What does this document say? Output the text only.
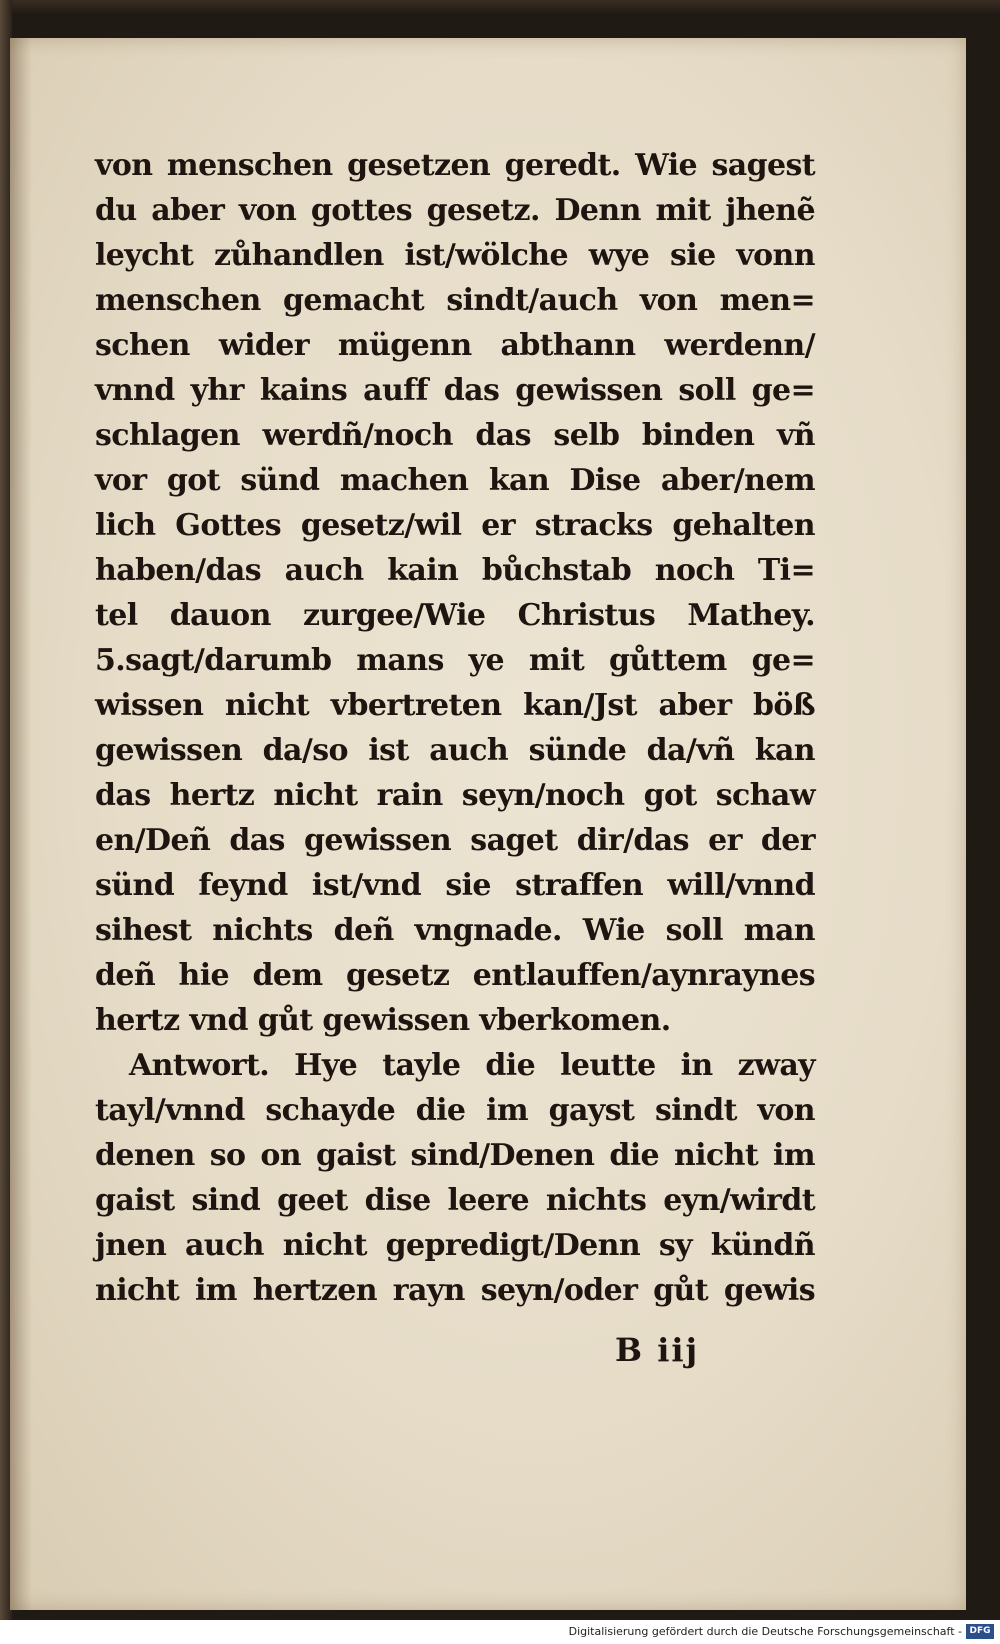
von menschen gesetzen geredt. Wie sagest
du aber von gottes gesetz. Denn mit jhenẽ
leycht zůhandlen ist/wölche wye sie vonn
menschen gemacht sindt/auch von men=
schen wider mügenn abthann werdenn/
vnnd yhr kains auff das gewissen soll ge=
schlagen werdñ/noch das selb binden vñ
vor got sünd machen kan Dise aber/nem
lich Gottes gesetz/wil er stracks gehalten
haben/das auch kain bůchstab noch Ti=
tel dauon zurgee/Wie Christus Mathey.
5.sagt/darumb mans ye mit gůttem ge=
wissen nicht vbertreten kan/Jst aber böß
gewissen da/so ist auch sünde da/vñ kan
das hertz nicht rain seyn/noch got schaw
en/Deñ das gewissen saget dir/das er der
sünd feynd ist/vnd sie straffen will/vnnd
sihest nichts deñ vngnade. Wie soll man
deñ hie dem gesetz entlauffen/aynraynes
hertz vnd gůt gewissen vberkomen.
Antwort. Hye tayle die leutte in zway
tayl/vnnd schayde die im gayst sindt von
denen so on gaist sind/Denen die nicht im
gaist sind geet dise leere nichts eyn/wirdt
jnen auch nicht gepredigt/Denn sy kündñ
nicht im hertzen rayn seyn/oder gůt gewis
B iij
Digitalisierung gefördert durch die Deutsche Forschungsgemeinschaft - DFG
